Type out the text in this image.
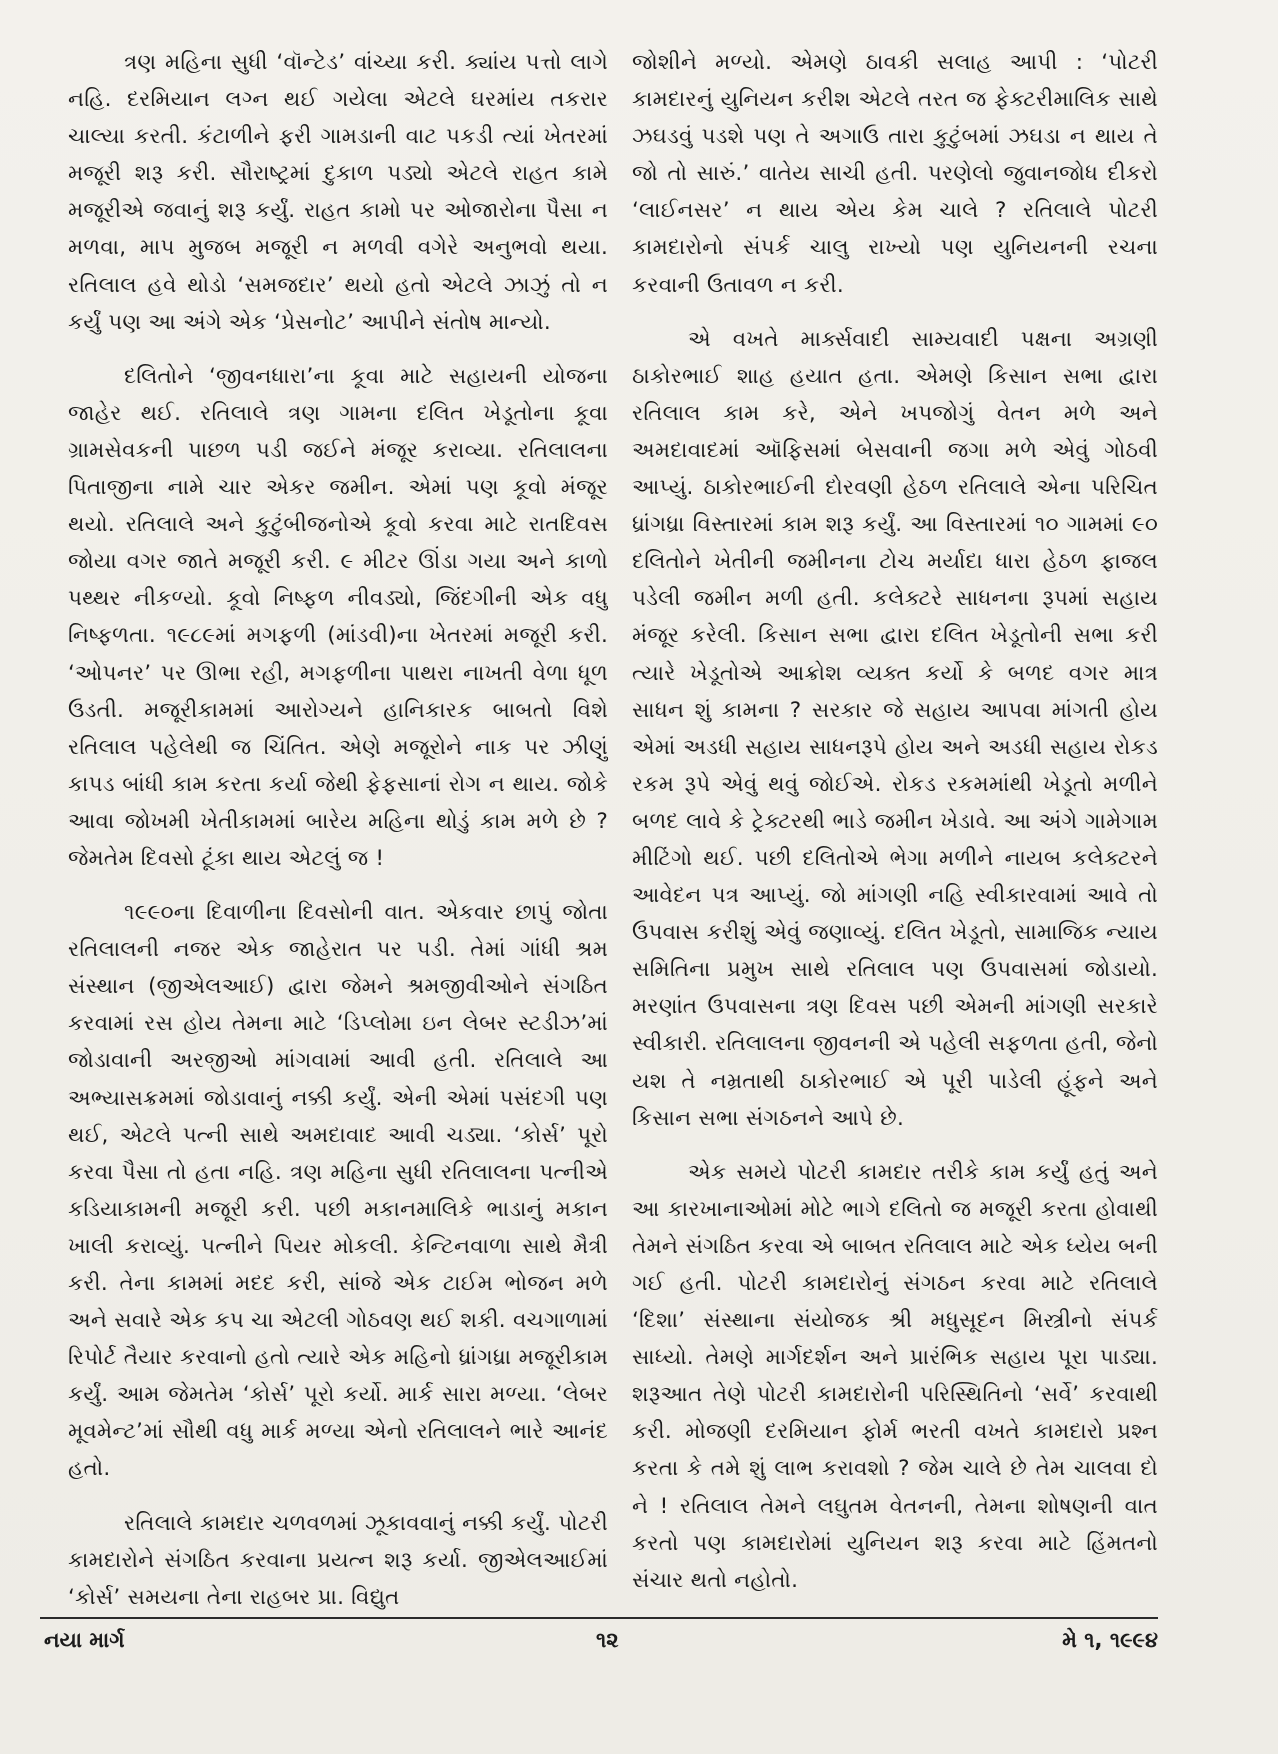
ત્રણ મહિના સુધી ‘વૉન્ટેડ’ વાંચ્યા કરી. ક્યાંય પત્તો લાગે નહિ. દરમિયાન લગ્ન થઈ ગયેલા એટલે ઘરમાંય તકરાર ચાલ્યા કરતી. કંટાળીને ફરી ગામડાની વાટ પકડી ત્યાં ખેતરમાં મજૂરી શરૂ કરી. સૌરાષ્ટ્રમાં દુકાળ પડ્યો એટલે રાહત કામે મજૂરીએ જવાનું શરૂ કર્યું. રાહત કામો પર ઓજારોના પૈસા ન મળવા, માપ મુજબ મજૂરી ન મળવી વગેરે અનુભવો થયા. રતિલાલ હવે થોડો ‘સમજદાર’ થયો હતો એટલે ઝાઝું તો ન કર્યું પણ આ અંગે એક ‘પ્રેસનોટ’ આપીને સંતોષ માન્યો.

દલિતોને ‘જીવનધારા’ના કૂવા માટે સહાયની યોજના જાહેર થઈ. રતિલાલે ત્રણ ગામના દલિત ખેડૂતોના કૂવા ગ્રામસેવકની પાછળ પડી જઈને મંજૂર કરાવ્યા. રતિલાલના પિતાજીના નામે ચાર એકર જમીન. એમાં પણ કૂવો મંજૂર થયો. રતિલાલે અને કુટુંબીજનોએ કૂવો કરવા માટે રાતદિવસ જોયા વગર જાતે મજૂરી કરી. ૯ મીટર ઊંડા ગયા અને કાળો પથ્થર નીકળ્યો. કૂવો નિષ્ફળ નીવડ્યો, જિંદગીની એક વધુ નિષ્ફળતા. ૧૯૮૯માં મગફળી (માંડવી)ના ખેતરમાં મજૂરી કરી. ‘ઓપનર’ પર ઊભા રહી, મગફળીના પાથરા નાખતી વેળા ધૂળ ઉડતી. મજૂરીકામમાં આરોગ્યને હાનિકારક બાબતો વિશે રતિલાલ પહેલેથી જ ચિંતિત. એણે મજૂરોને નાક પર ઝીણું કાપડ બાંધી કામ કરતા કર્યા જેથી ફેફસાનાં રોગ ન થાય. જોકે આવા જોખમી ખેતીકામમાં બારેય મહિના થોડું કામ મળે છે ? જેમતેમ દિવસો ટૂંકા થાય એટલું જ !

૧૯૯૦ના દિવાળીના દિવસોની વાત. એકવાર છાપું જોતા રતિલાલની નજર એક જાહેરાત પર પડી. તેમાં ગાંધી શ્રમ સંસ્થાન (જીએલઆઈ) દ્વારા જેમને શ્રમજીવીઓને સંગઠિત કરવામાં રસ હોય તેમના માટે ‘ડિપ્લોમા ઇન લેબર સ્ટડીઝ’માં જોડાવાની અરજીઓ માંગવામાં આવી હતી. રતિલાલે આ અભ્યાસક્રમમાં જોડાવાનું નક્કી કર્યું. એની એમાં પસંદગી પણ થઈ, એટલે પત્ની સાથે અમદાવાદ આવી ચડ્યા. ‘કોર્સ’ પૂરો કરવા પૈસા તો હતા નહિ. ત્રણ મહિના સુધી રતિલાલના પત્નીએ કડિયાકામની મજૂરી કરી. પછી મકાનમાલિકે ભાડાનું મકાન ખાલી કરાવ્યું. પત્નીને પિયર મોકલી. કેન્ટિનવાળા સાથે મૈત્રી કરી. તેના કામમાં મદદ કરી, સાંજે એક ટાઈમ ભોજન મળે અને સવારે એક કપ ચા એટલી ગોઠવણ થઈ શકી. વચગાળામાં રિપોર્ટ તૈયાર કરવાનો હતો ત્યારે એક મહિનો ધ્રાંગધ્રા મજૂરીકામ કર્યું. આમ જેમતેમ ‘કોર્સ’ પૂરો કર્યો. માર્ક સારા મળ્યા. ‘લેબર મૂવમેન્ટ’માં સૌથી વધુ માર્ક મળ્યા એનો રતિલાલને ભારે આનંદ હતો.

રતિલાલે કામદાર ચળવળમાં ઝૂકાવવાનું નક્કી કર્યું. પોટરી કામદારોને સંગઠિત કરવાના પ્રયત્ન શરૂ કર્યા. જીએલઆઈમાં ‘કોર્સ’ સમયના તેના રાહબર પ્રા. વિદ્યુત

જોશીને મળ્યો. એમણે ઠાવકી સલાહ આપી : ‘પોટરી કામદારનું યુનિયન કરીશ એટલે તરત જ ફેક્ટરીમાલિક સાથે ઝઘડવું પડશે પણ તે અગાઉ તારા કુટુંબમાં ઝઘડા ન થાય તે જો તો સારું.’ વાતેય સાચી હતી. પરણેલો જુવાનજોધ દીકરો ‘લાઈનસર’ ન થાય એય કેમ ચાલે ? રતિલાલે પોટરી કામદારોનો સંપર્ક ચાલુ રાખ્યો પણ યુનિયનની રચના કરવાની ઉતાવળ ન કરી.

એ વખતે માર્ક્સવાદી સામ્યવાદી પક્ષના અગ્રણી ઠાકોરભાઈ શાહ હયાત હતા. એમણે કિસાન સભા દ્વારા રતિલાલ કામ કરે, એને ખપજોગું વેતન મળે અને અમદાવાદમાં ઑફિસમાં બેસવાની જગા મળે એવું ગોઠવી આપ્યું. ઠાકોરભાઈની દોરવણી હેઠળ રતિલાલે એના પરિચિત ધ્રાંગધ્રા વિસ્તારમાં કામ શરૂ કર્યું. આ વિસ્તારમાં ૧૦ ગામમાં ૯૦ દલિતોને ખેતીની જમીનના ટોચ મર્યાદા ધારા હેઠળ ફાજલ પડેલી જમીન મળી હતી. કલેક્ટરે સાધનના રૂપમાં સહાય મંજૂર કરેલી. કિસાન સભા દ્વારા દલિત ખેડૂતોની સભા કરી ત્યારે ખેડૂતોએ આક્રોશ વ્યક્ત કર્યો કે બળદ વગર માત્ર સાધન શું કામના ? સરકાર જે સહાય આપવા માંગતી હોય એમાં અડધી સહાય સાધનરૂપે હોય અને અડધી સહાય રોકડ રકમ રૂપે એવું થવું જોઈએ. રોકડ રકમમાંથી ખેડૂતો મળીને બળદ લાવે કે ટ્રેક્ટરથી ભાડે જમીન ખેડાવે. આ અંગે ગામેગામ મીટિંગો થઈ. પછી દલિતોએ ભેગા મળીને નાયબ કલેક્ટરને આવેદન પત્ર આપ્યું. જો માંગણી નહિ સ્વીકારવામાં આવે તો ઉપવાસ કરીશું એવું જણાવ્યું. દલિત ખેડૂતો, સામાજિક ન્યાય સમિતિના પ્રમુખ સાથે રતિલાલ પણ ઉપવાસમાં જોડાયો. મરણાંત ઉપવાસના ત્રણ દિવસ પછી એમની માંગણી સરકારે સ્વીકારી. રતિલાલના જીવનની એ પહેલી સફળતા હતી, જેનો યશ તે નમ્રતાથી ઠાકોરભાઈ એ પૂરી પાડેલી હૂંફને અને કિસાન સભા સંગઠનને આપે છે.

એક સમયે પોટરી કામદાર તરીકે કામ કર્યું હતું અને આ કારખાનાઓમાં મોટે ભાગે દલિતો જ મજૂરી કરતા હોવાથી તેમને સંગઠિત કરવા એ બાબત રતિલાલ માટે એક ધ્યેય બની ગઈ હતી. પોટરી કામદારોનું સંગઠન કરવા માટે રતિલાલે ‘દિશા’ સંસ્થાના સંયોજક શ્રી મધુસૂદન મિસ્ત્રીનો સંપર્ક સાધ્યો. તેમણે માર્ગદર્શન અને પ્રારંભિક સહાય પૂરા પાડ્યા. શરૂઆત તેણે પોટરી કામદારોની પરિસ્થિતિનો ‘સર્વે’ કરવાથી કરી. મોજણી દરમિયાન ફોર્મ ભરતી વખતે કામદારો પ્રશ્ન કરતા કે તમે શું લાભ કરાવશો ? જેમ ચાલે છે તેમ ચાલવા દો ને ! રતિલાલ તેમને લઘુતમ વેતનની, તેમના શોષણની વાત કરતો પણ કામદારોમાં યુનિયન શરૂ કરવા માટે હિંમતનો સંચાર થતો નહોતો.

નયા માર્ગ	૧૨	મે ૧, ૧૯૯૪
